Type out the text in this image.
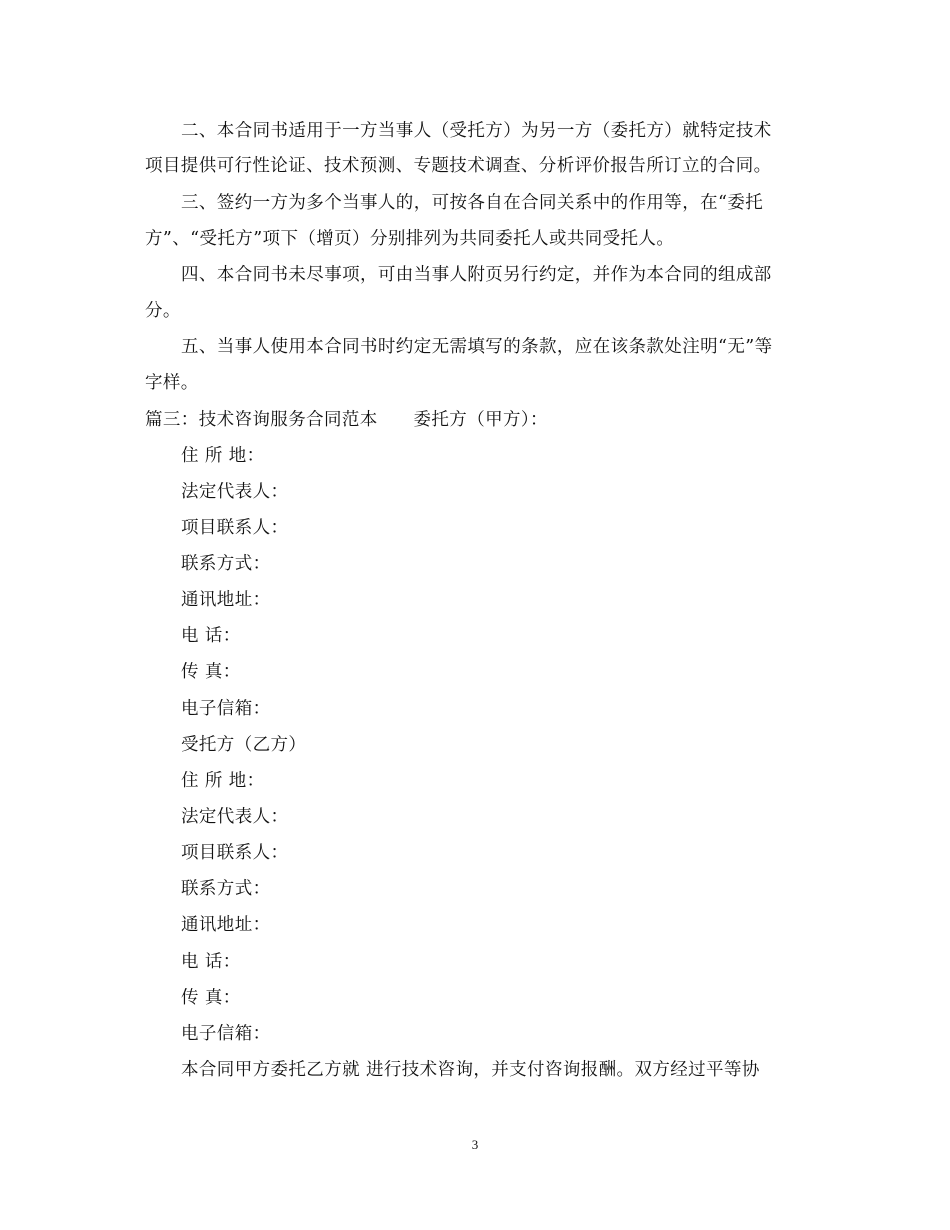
二、本合同书适用于一方当事人（受托方）为另一方（委托方）就特定技术
项目提供可行性论证、技术预测、专题技术调查、分析评价报告所订立的合同。
三、签约一方为多个当事人的，可按各自在合同关系中的作用等，在“委托
方”、“受托方”项下（增页）分别排列为共同委托人或共同受托人。
四、本合同书未尽事项，可由当事人附页另行约定，并作为本合同的组成部
分。
五、当事人使用本合同书时约定无需填写的条款，应在该条款处注明“无”等
字样。
篇三：技术咨询服务合同范本　　委托方（甲方）：
住 所 地：
法定代表人：
项目联系人：
联系方式：
通讯地址：
电 话：
传 真：
电子信箱：
受托方（乙方）
住 所 地：
法定代表人：
项目联系人：
联系方式：
通讯地址：
电 话：
传 真：
电子信箱：
本合同甲方委托乙方就 进行技术咨询，并支付咨询报酬。双方经过平等协
3
